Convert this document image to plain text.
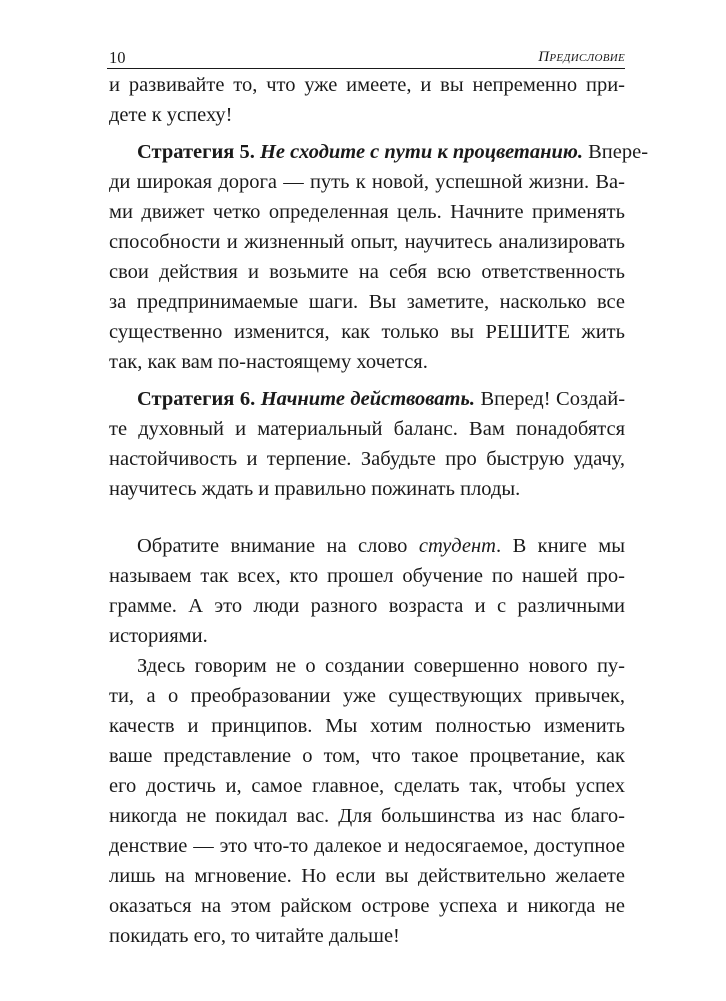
10	Предисловие
и развивайте то, что уже имеете, и вы непременно при-
дете к успеху!
Стратегия 5. Не сходите с пути к процветанию. Впере-
ди широкая дорога — путь к новой, успешной жизни. Ва-
ми движет четко определенная цель. Начните применять
способности и жизненный опыт, научитесь анализировать
свои действия и возьмите на себя всю ответственность
за предпринимаемые шаги. Вы заметите, насколько все
существенно изменится, как только вы РЕШИТЕ жить
так, как вам по-настоящему хочется.
Стратегия 6. Начните действовать. Вперед! Создай-
те духовный и материальный баланс. Вам понадобятся
настойчивость и терпение. Забудьте про быструю удачу,
научитесь ждать и правильно пожинать плоды.
Обратите внимание на слово студент. В книге мы
называем так всех, кто прошел обучение по нашей про-
грамме. А это люди разного возраста и с различными
историями.
Здесь говорим не о создании совершенно нового пу-
ти, а о преобразовании уже существующих привычек,
качеств и принципов. Мы хотим полностью изменить
ваше представление о том, что такое процветание, как
его достичь и, самое главное, сделать так, чтобы успех
никогда не покидал вас. Для большинства из нас благо-
денствие — это что-то далекое и недосягаемое, доступное
лишь на мгновение. Но если вы действительно желаете
оказаться на этом райском острове успеха и никогда не
покидать его, то читайте дальше!
